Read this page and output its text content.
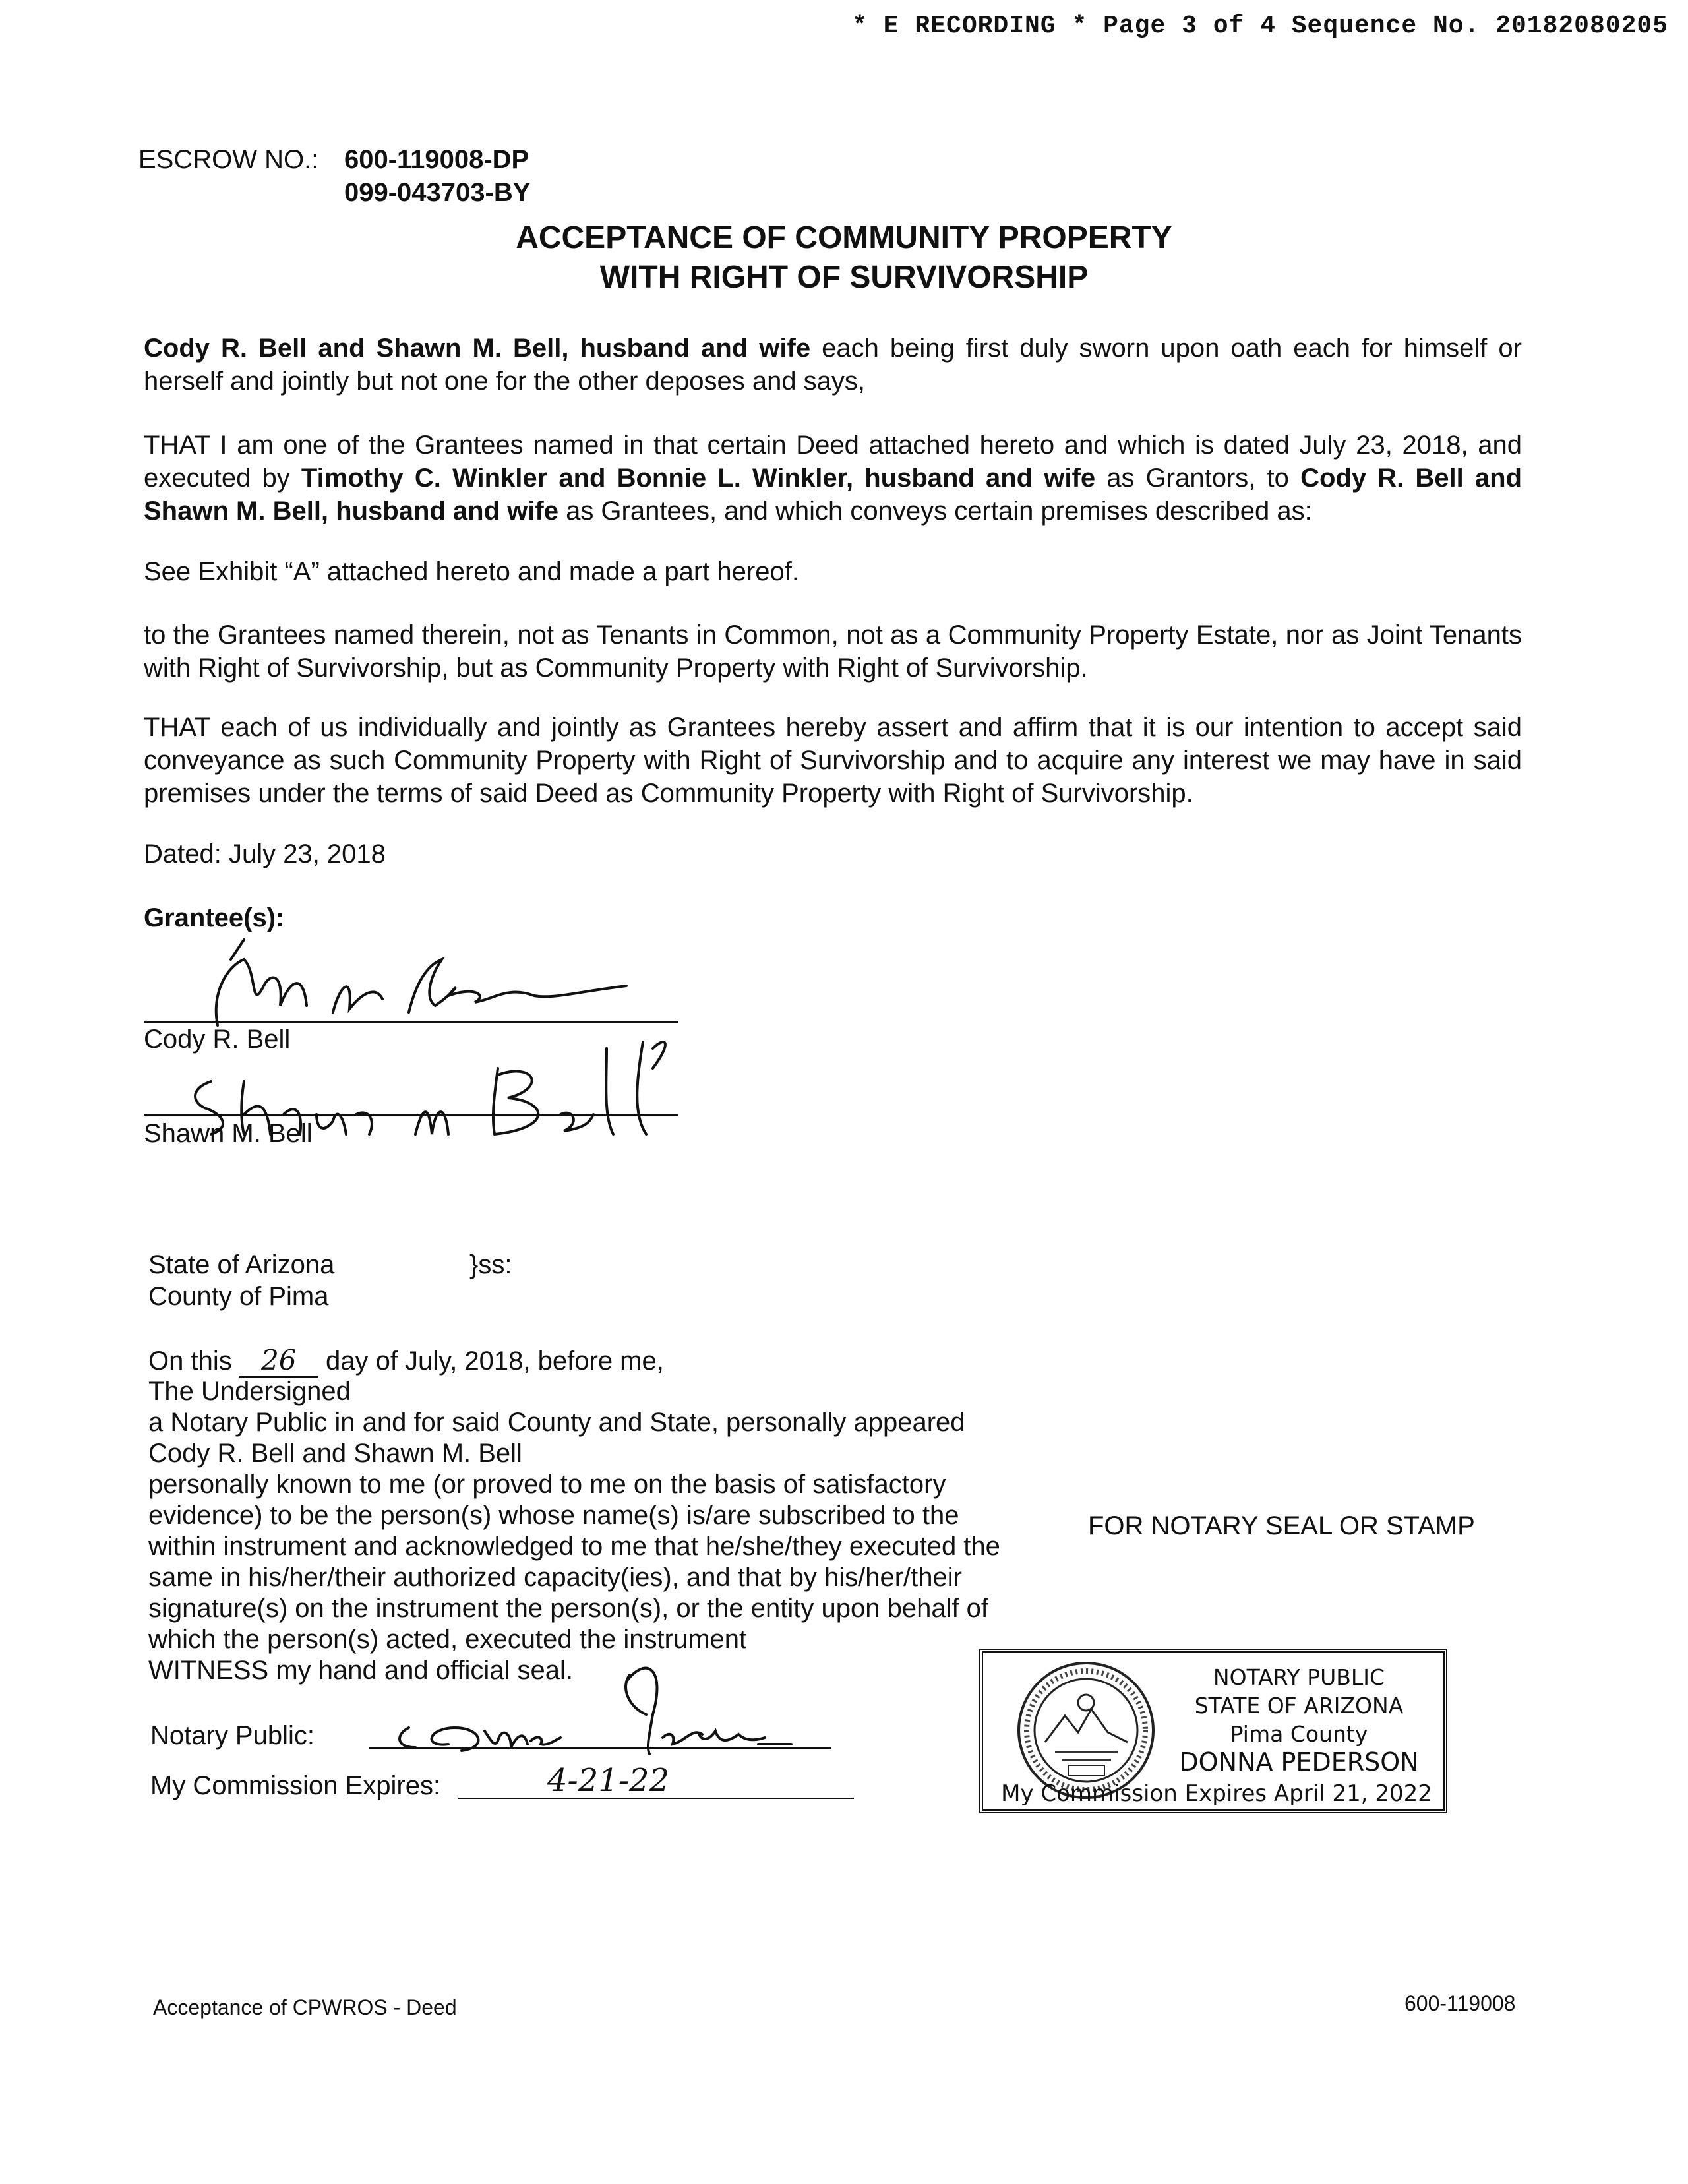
* E RECORDING * Page 3 of 4 Sequence No. 20182080205
ESCROW NO.: 600-119008-DP
099-043703-BY
ACCEPTANCE OF COMMUNITY PROPERTY
WITH RIGHT OF SURVIVORSHIP
Cody R. Bell and Shawn M. Bell, husband and wife each being first duly sworn upon oath each for himself or herself and jointly but not one for the other deposes and says,
THAT I am one of the Grantees named in that certain Deed attached hereto and which is dated July 23, 2018, and executed by Timothy C. Winkler and Bonnie L. Winkler, husband and wife as Grantors, to Cody R. Bell and Shawn M. Bell, husband and wife as Grantees, and which conveys certain premises described as:
See Exhibit “A” attached hereto and made a part hereof.
to the Grantees named therein, not as Tenants in Common, not as a Community Property Estate, nor as Joint Tenants with Right of Survivorship, but as Community Property with Right of Survivorship.
THAT each of us individually and jointly as Grantees hereby assert and affirm that it is our intention to accept said conveyance as such Community Property with Right of Survivorship and to acquire any interest we may have in said premises under the terms of said Deed as Community Property with Right of Survivorship.
Dated: July 23, 2018
Grantee(s):
Cody R. Bell
Shawn M. Bell
State of Arizona	}ss:
County of Pima
On this 26 day of July, 2018, before me,
The Undersigned
a Notary Public in and for said County and State, personally appeared
Cody R. Bell and Shawn M. Bell
personally known to me (or proved to me on the basis of satisfactory
evidence) to be the person(s) whose name(s) is/are subscribed to the
within instrument and acknowledged to me that he/she/they executed the
same in his/her/their authorized capacity(ies), and that by his/her/their
signature(s) on the instrument the person(s), or the entity upon behalf of
which the person(s) acted, executed the instrument
WITNESS my hand and official seal.
Notary Public:
My Commission Expires:	4-21-22
FOR NOTARY SEAL OR STAMP
NOTARY PUBLIC
STATE OF ARIZONA
Pima County
DONNA PEDERSON
My Commission Expires April 21, 2022
Acceptance of CPWROS - Deed	600-119008
